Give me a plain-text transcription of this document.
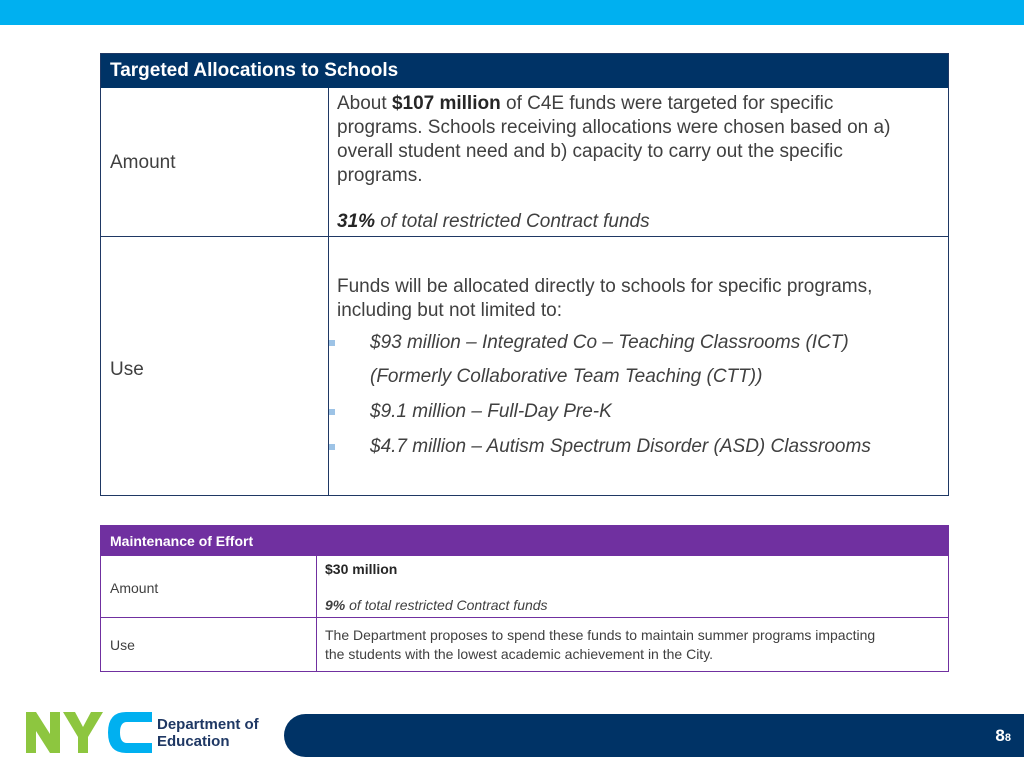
Targeted Allocations to Schools
Amount
About $107 million of C4E funds were targeted for specific programs. Schools receiving allocations were chosen based on a) overall student need and b) capacity to carry out the specific programs.
31% of total restricted Contract funds
Use
Funds will be allocated directly to schools for specific programs, including but not limited to:
$93 million – Integrated Co – Teaching Classrooms (ICT)
(Formerly Collaborative Team Teaching (CTT))
$9.1 million – Full-Day Pre-K
$4.7 million – Autism Spectrum Disorder (ASD) Classrooms
Maintenance of Effort
Amount
$30 million
9% of total restricted Contract funds
Use
The Department proposes to spend these funds to maintain summer programs impacting
the students with the lowest academic achievement in the City.
Department of
Education	88
